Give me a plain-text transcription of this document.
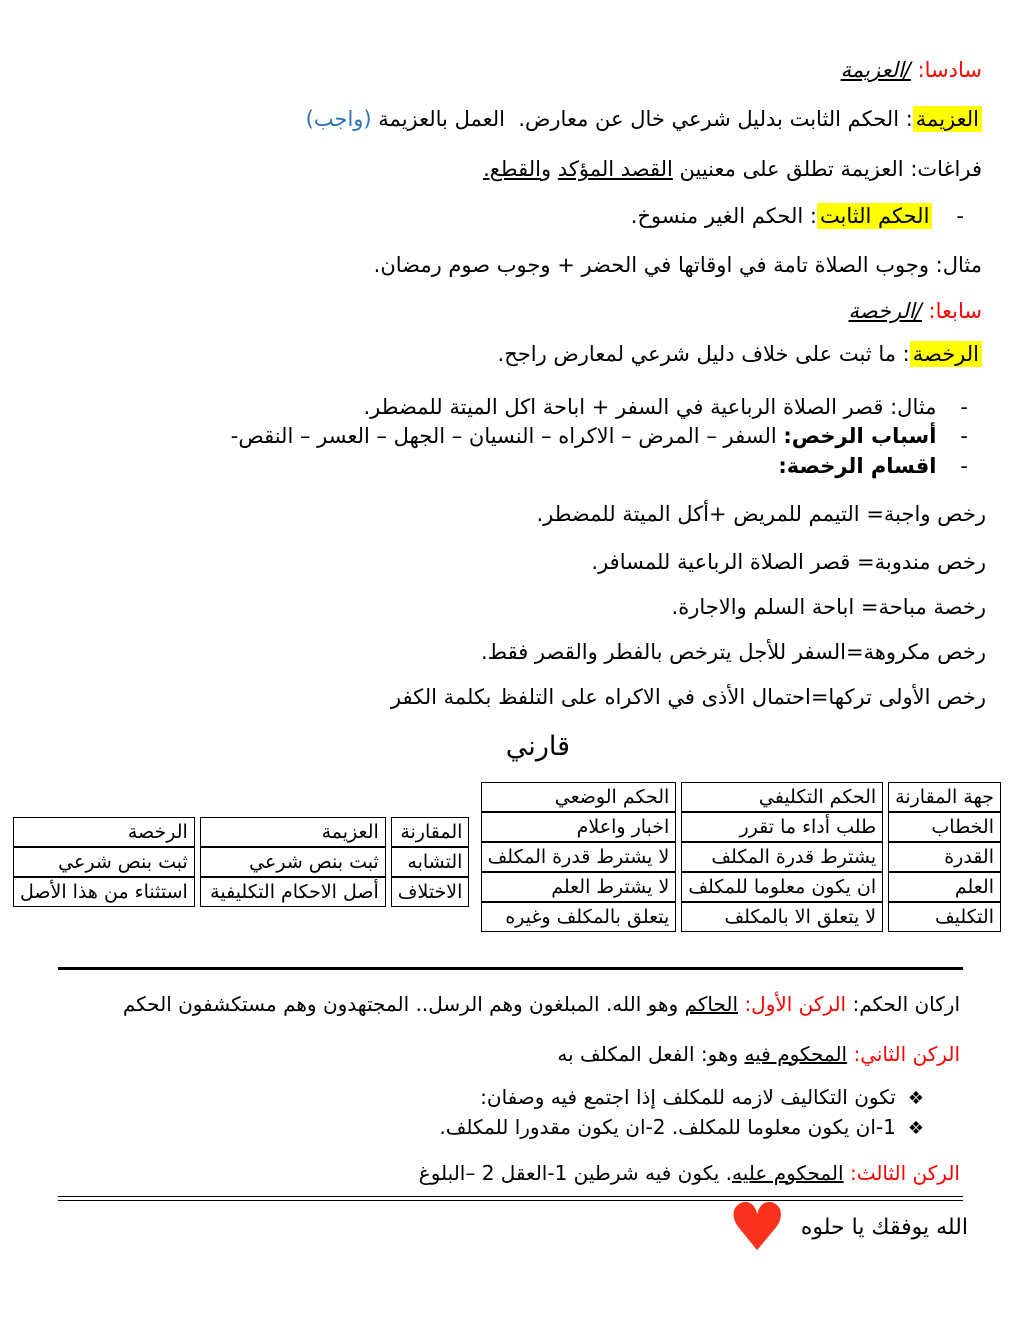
سادسا: /العزيمة

العزيمة: الحكم الثابت بدليل شرعي خال عن معارض.  العمل بالعزيمة (واجب)

فراغات: العزيمة تطلق على معنيين القصد المؤكد والقطع.

-الحكم الثابت: الحكم الغير منسوخ.

مثال: وجوب الصلاة تامة في اوقاتها في الحضر + وجوب صوم رمضان.

سابعا: /الرخصة

الرخصة: ما ثبت على خلاف دليل شرعي لمعارض راجح.

-مثال: قصر الصلاة الرباعية في السفر + اباحة اكل الميتة للمضطر.

-أسباب الرخص: السفر – المرض – الاكراه – النسيان – الجهل – العسر – النقص-

-اقسام الرخصة:

رخص واجبة= التيمم للمريض +أكل الميتة للمضطر.

رخص مندوبة= قصر الصلاة الرباعية للمسافر.

رخصة مباحة= اباحة السلم والاجارة.

رخص مكروهة=السفر للأجل يترخص بالفطر والقصر فقط.

رخص الأولى تركها=احتمال الأذى في الاكراه على التلفظ بكلمة الكفر

قارني

جهة المقارنة	الحكم التكليفي	الحكم الوضعي
الخطاب	طلب أداء ما تقرر	اخبار واعلام
القدرة	يشترط قدرة المكلف	لا يشترط قدرة المكلف
العلم	ان يكون معلوما للمكلف	لا يشترط العلم
التكليف	لا يتعلق الا بالمكلف	يتعلق بالمكلف وغيره
المقارنة	العزيمة	الرخصة
التشابه	ثبت بنص شرعي	ثبت بنص شرعي
الاختلاف	أصل الاحكام التكليفية	استثناء من هذا الأصل

اركان الحكم: الركن الأول: الحاكم وهو الله. المبلغون وهم الرسل.. المجتهدون وهم مستكشفون الحكم

الركن الثاني: المحكوم فيه وهو: الفعل المكلف به

❖تكون التكاليف لازمه للمكلف إذا اجتمع فيه وصفان:

❖1-ان يكون معلوما للمكلف. 2-ان يكون مقدورا للمكلف.

الركن الثالث: المحكوم عليه. يكون فيه شرطين 1-العقل 2 –البلوغ

الله يوفقك يا حلوه♥
